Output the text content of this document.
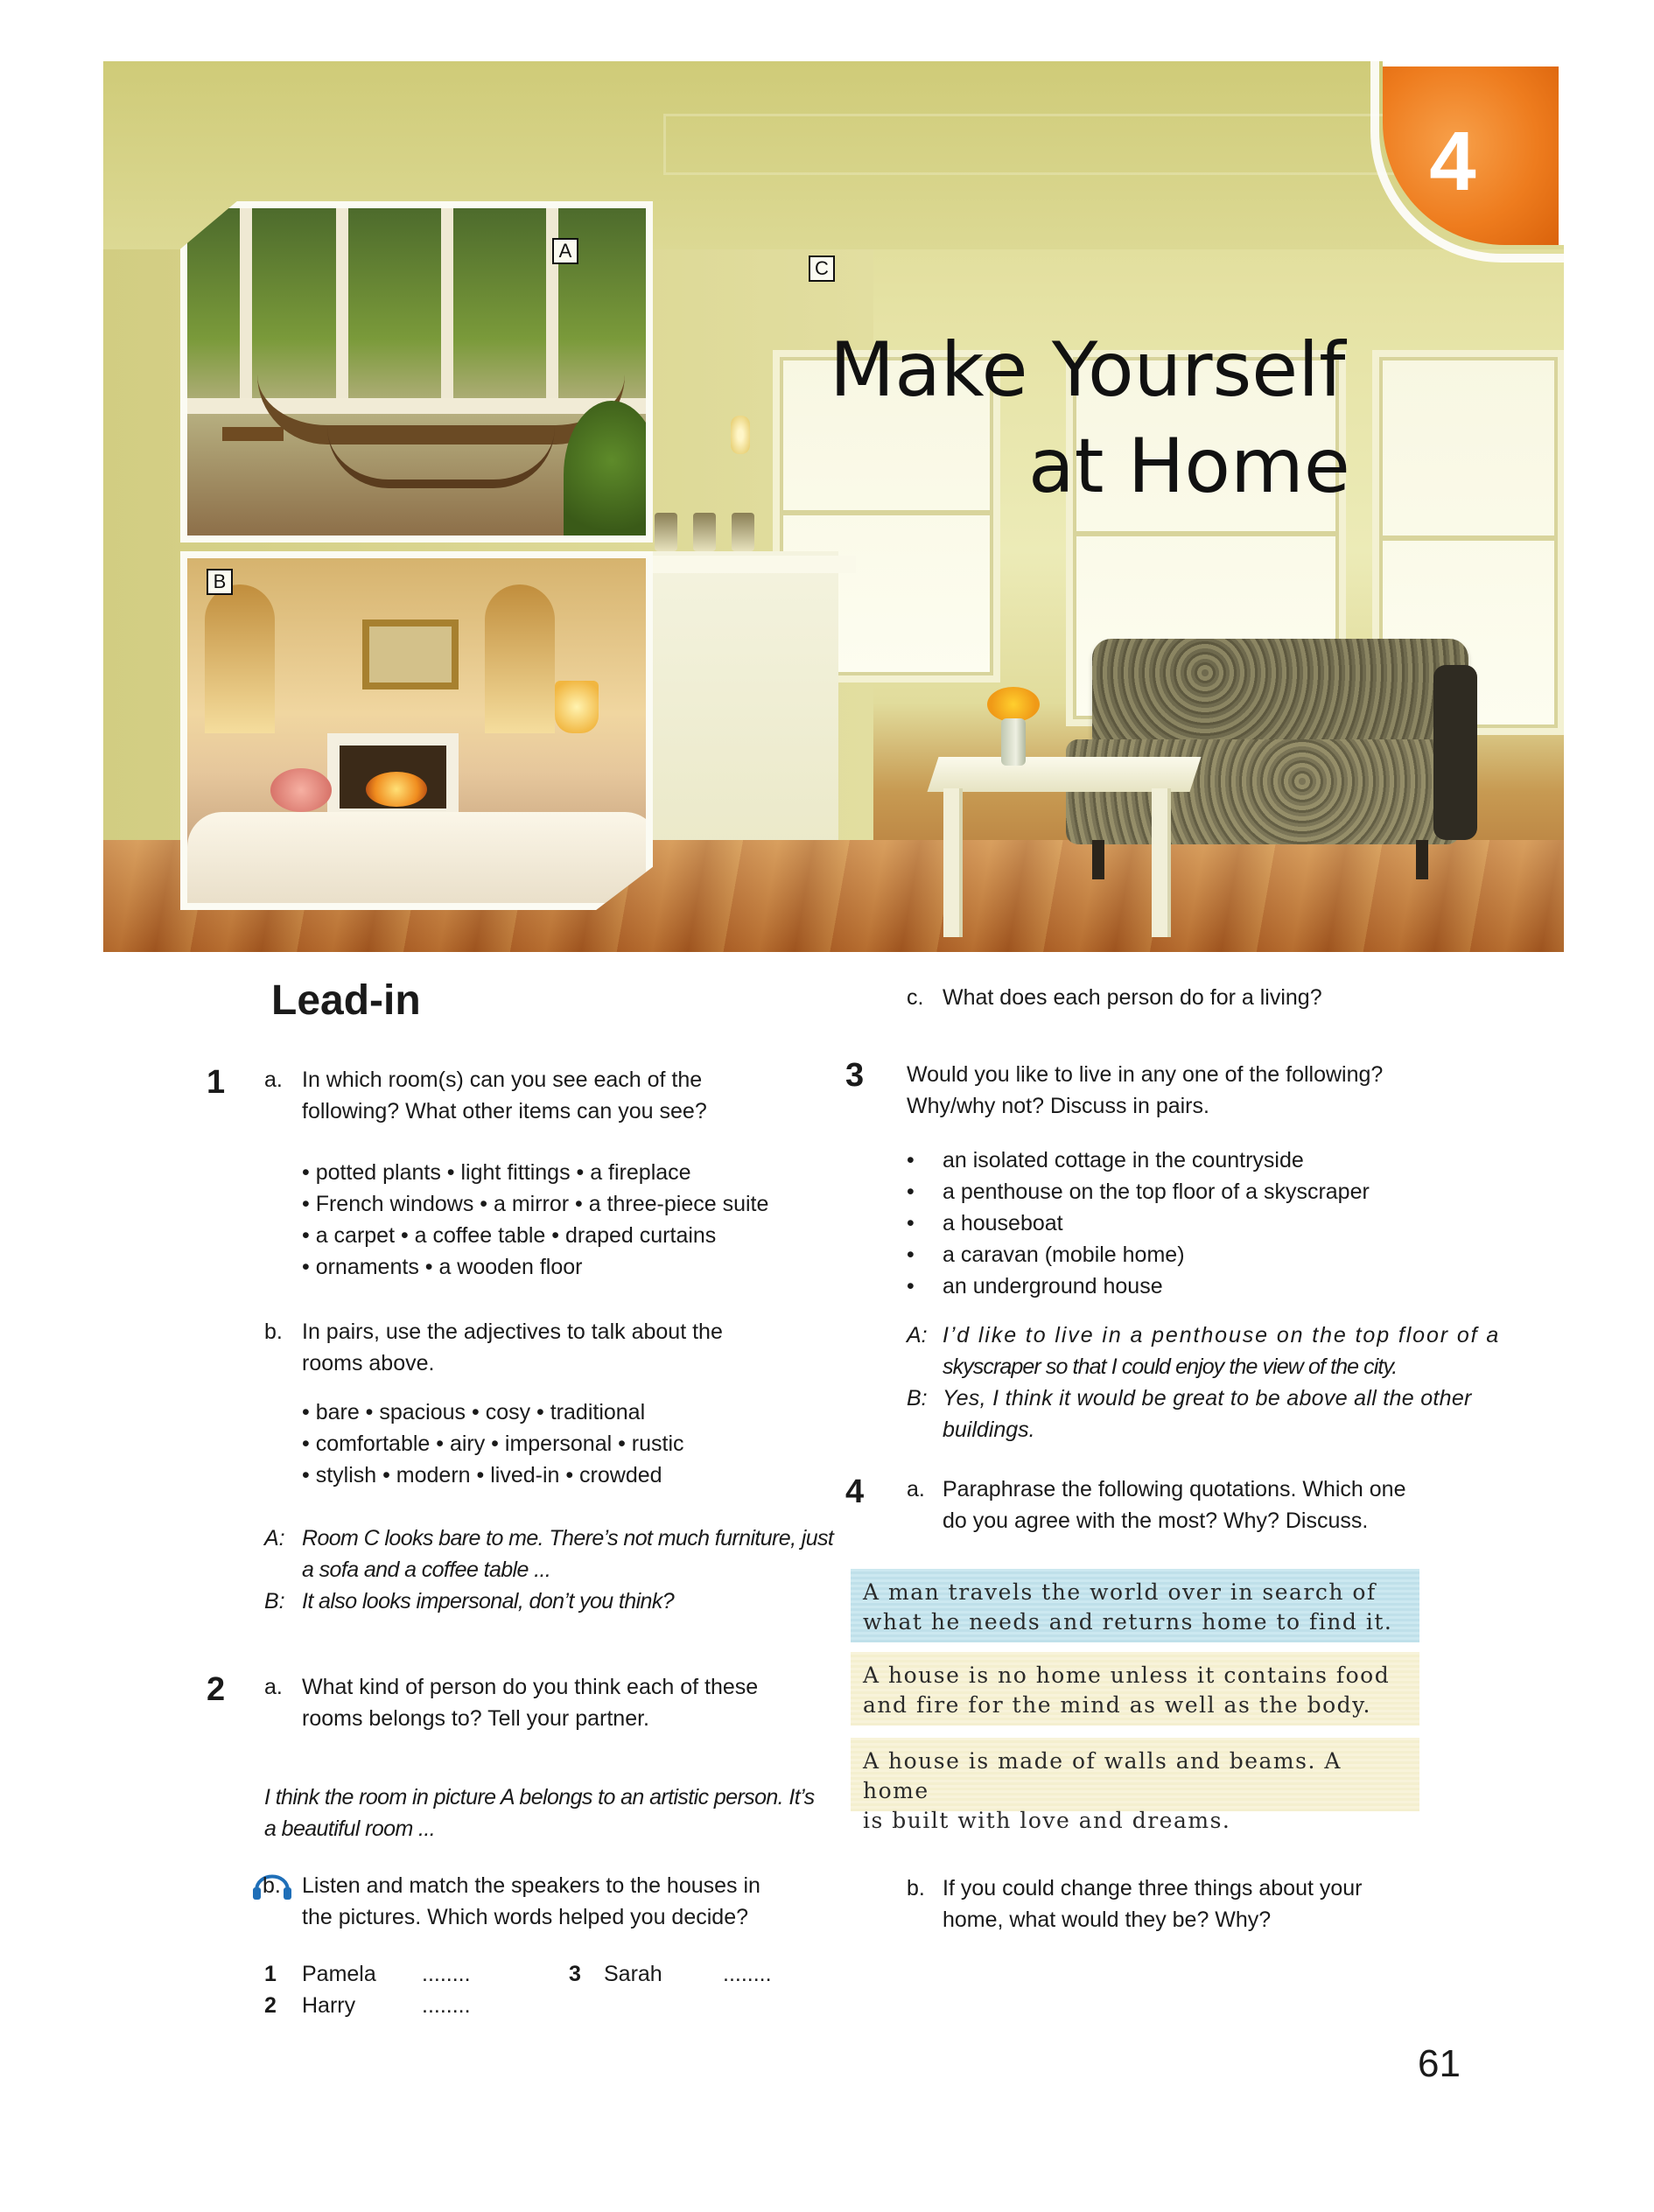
A
B
C
4
Make Yourself
at Home
Lead-in
1 a. In which room(s) can you see each of the
following? What other items can you see?
• potted plants • light fittings • a fireplace
• French windows • a mirror • a three-piece suite
• a carpet • a coffee table • draped curtains
• ornaments • a wooden floor
b. In pairs, use the adjectives to talk about the
rooms above.
• bare • spacious • cosy • traditional
• comfortable • airy • impersonal • rustic
• stylish • modern • lived-in • crowded
A: Room C looks bare to me. There’s not much furniture, just
a sofa and a coffee table ...
B: It also looks impersonal, don’t you think?
2 a. What kind of person do you think each of these
rooms belongs to? Tell your partner.
I think the room in picture A belongs to an artistic person. It’s
a beautiful room ...
b. Listen and match the speakers to the houses in
the pictures. Which words helped you decide?
1 Pamela ........
2 Harry	........
3 Sarah	........
c. What does each person do for a living?
3 Would you like to live in any one of the following?
Why/why not? Discuss in pairs.
• an isolated cottage in the countryside
• a penthouse on the top floor of a skyscraper
• a houseboat
• a caravan (mobile home)
• an underground house
A: I’d like to live in a penthouse on the top floor of a
skyscraper so that I could enjoy the view of the city.
B: Yes, I think it would be great to be above all the other
buildings.
4 a. Paraphrase the following quotations. Which one
do you agree with the most? Why? Discuss.
A man travels the world over in search of
what he needs and returns home to find it.
A house is no home unless it contains food
and fire for the mind as well as the body.
A house is made of walls and beams. A home
is built with love and dreams.
b. If you could change three things about your
home, what would they be? Why?
61
